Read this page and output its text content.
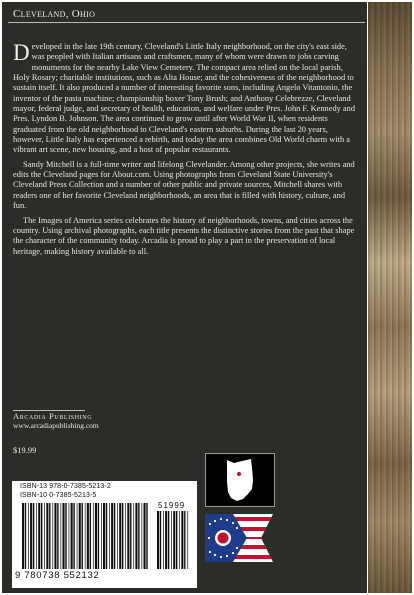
Cleveland, Ohio

Developed in the late 19th century, Cleveland's Little Italy neighborhood, on the city's east side, was peopled with Italian artisans and craftsmen, many of whom were drawn to jobs carving monuments for the nearby Lake View Cemetery. The compact area relied on the local parish, Holy Rosary; charitable institutions, such as Alta House; and the cohesiveness of the neighborhood to sustain itself. It also produced a number of interesting favorite sons, including Angelo Vitantonio, the inventor of the pasta machine; championship boxer Tony Brush; and Anthony Celebrezze, Cleveland mayor, federal judge, and secretary of health, education, and welfare under Pres. John F. Kennedy and Pres. Lyndon B. Johnson. The area continued to grow until after World War II, when residents graduated from the old neighborhood to Cleveland's eastern suburbs. During the last 20 years, however, Little Italy has experienced a rebirth, and today the area combines Old World charm with a vibrant art scene, new housing, and a host of popular restaurants.

Sandy Mitchell is a full-time writer and lifelong Clevelander. Among other projects, she writes and edits the Cleveland pages for About.com. Using photographs from Cleveland State University's Cleveland Press Collection and a number of other public and private sources, Mitchell shares with readers one of her favorite Cleveland neighborhoods, an area that is filled with history, culture, and fun.

The Images of America series celebrates the history of neighborhoods, towns, and cities across the country. Using archival photographs, each title presents the distinctive stories from the past that shape the character of the community today. Arcadia is proud to play a part in the preservation of local heritage, making history available to all.

Arcadia Publishing
www.arcadiapublishing.com
$19.99
ISBN-13 978-0-7385-5213-2
ISBN-10 0-7385-5213-5
51999
9 780738 552132
